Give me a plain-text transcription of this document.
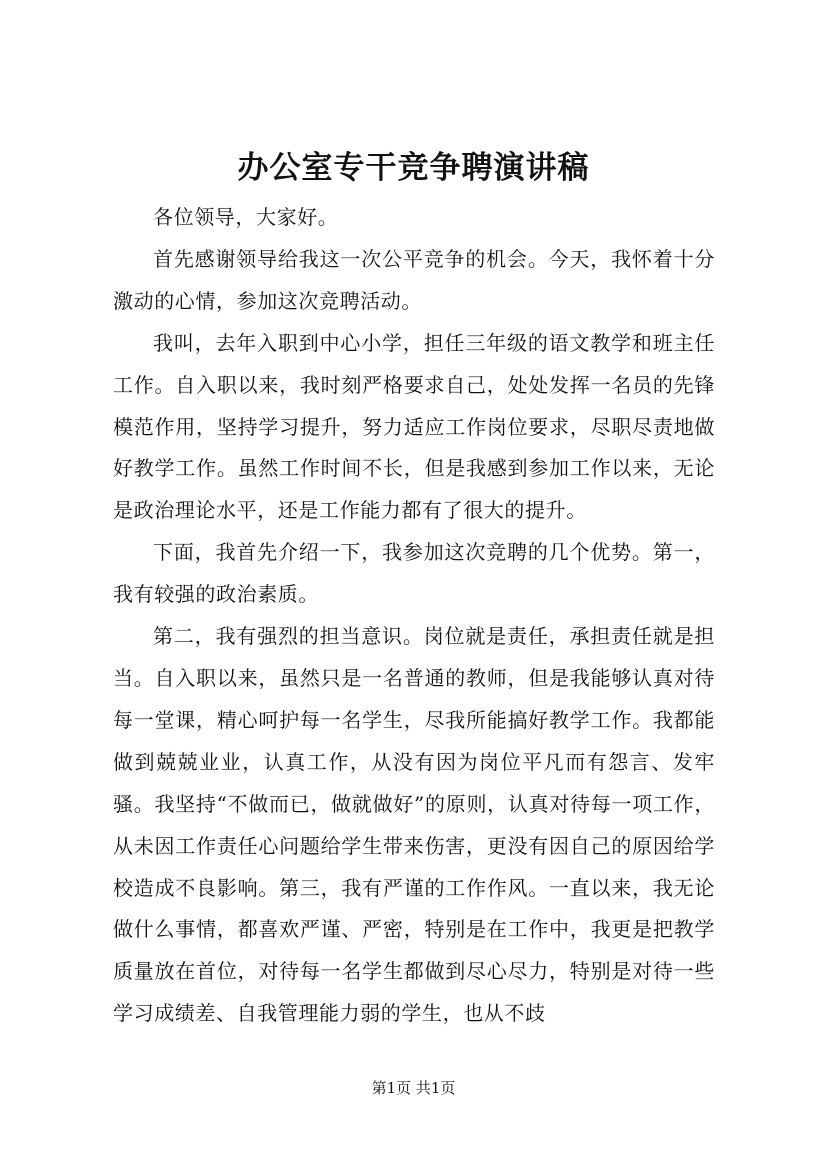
办公室专干竞争聘演讲稿

各位领导，大家好。

首先感谢领导给我这一次公平竞争的机会。今天，我怀着十分激动的心情，参加这次竞聘活动。

我叫，去年入职到中心小学，担任三年级的语文教学和班主任工作。自入职以来，我时刻严格要求自己，处处发挥一名员的先锋模范作用，坚持学习提升，努力适应工作岗位要求，尽职尽责地做好教学工作。虽然工作时间不长，但是我感到参加工作以来，无论是政治理论水平，还是工作能力都有了很大的提升。

下面，我首先介绍一下，我参加这次竞聘的几个优势。第一，我有较强的政治素质。

第二，我有强烈的担当意识。岗位就是责任，承担责任就是担当。自入职以来，虽然只是一名普通的教师，但是我能够认真对待每一堂课，精心呵护每一名学生，尽我所能搞好教学工作。我都能做到兢兢业业，认真工作，从没有因为岗位平凡而有怨言、发牢骚。我坚持“不做而已，做就做好”的原则，认真对待每一项工作，从未因工作责任心问题给学生带来伤害，更没有因自己的原因给学校造成不良影响。第三，我有严谨的工作作风。一直以来，我无论做什么事情，都喜欢严谨、严密，特别是在工作中，我更是把教学质量放在首位，对待每一名学生都做到尽心尽力，特别是对待一些学习成绩差、自我管理能力弱的学生，也从不歧

第1页 共1页
